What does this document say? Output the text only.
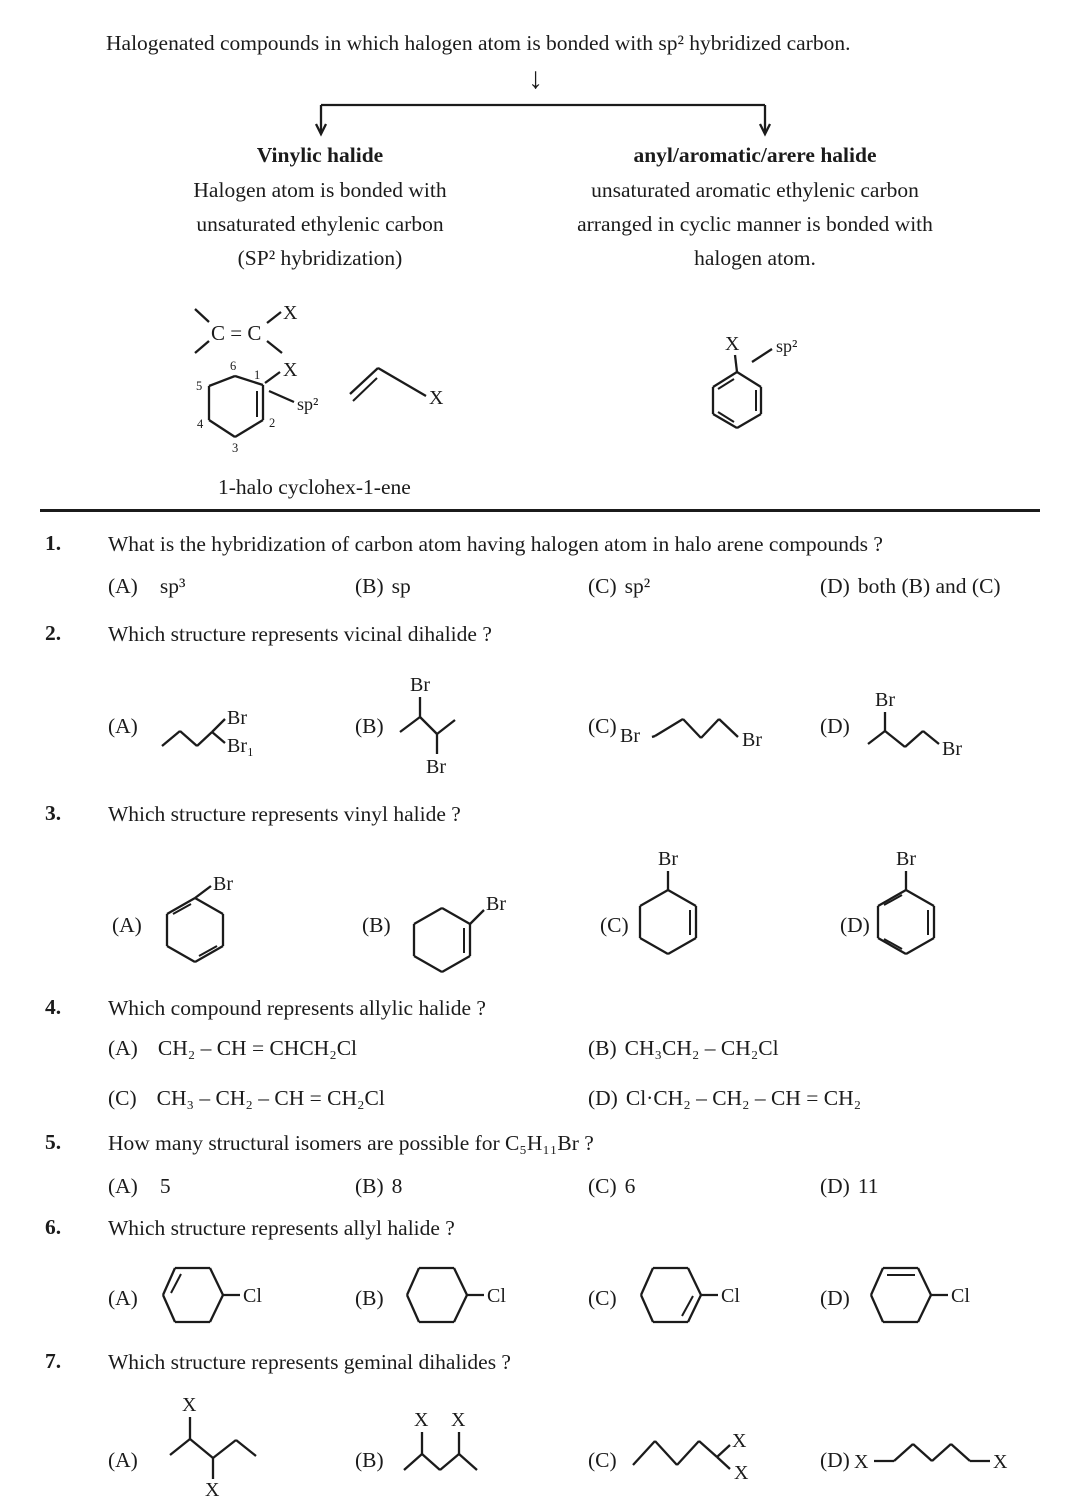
Halogenated compounds in which halogen atom is bonded with sp² hybridized carbon.
↓
Vinylic halide
Halogen atom is bonded with
unsaturated ethylenic carbon
(SP² hybridization)
anyl/aromatic/arere halide
unsaturated aromatic ethylenic carbon
arranged in cyclic manner is bonded with
halogen atom.
C = C
X
X
sp²
6
1
2
3
4
5
X
X sp²
1-halo cyclohex-1-ene
1. What is the hybridization of carbon atom having halogen atom in halo arene compounds ?
(A) sp³	(B) sp	(C) sp²	(D) both (B) and (C)
2. Which structure represents vicinal dihalide ?
(A)	Br
Br₁
(B)
Br
Br
(C) Br	Br
(D)
Br
Br
3. Which structure represents vinyl halide ?
(A)
Br
(B)
Br
(C)
Br
(D)
Br
4. Which compound represents allylic halide ?
(A) CH₂ – CH = CHCH₂Cl	(B) CH₃CH₂ – CH₂Cl
(C) CH₃ – CH₂ – CH = CH₂Cl	(D) Cl·CH₂ – CH₂ – CH = CH₂
5. How many structural isomers are possible for C₅H₁₁Br ?
(A) 5	(B) 8	(C) 6	(D) 11
6. Which structure represents allyl halide ?
(A)	Cl	(B)	Cl	(C)	Cl	(D)	Cl
7. Which structure represents geminal dihalides ?
(A)
X
X
(B)
X X
(C)
X
X
(D) X	X
